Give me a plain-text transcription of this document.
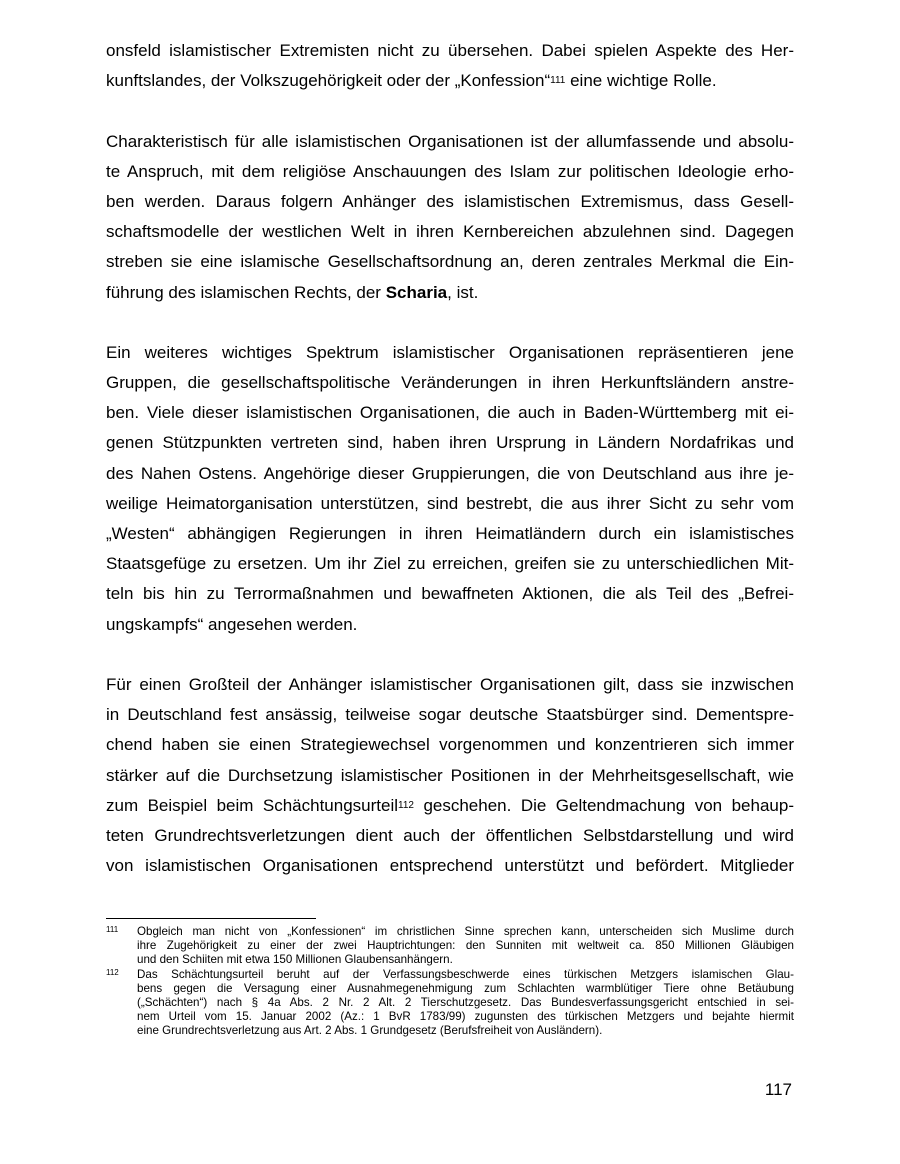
onsfeld islamistischer Extremisten nicht zu übersehen. Dabei spielen Aspekte des Her-
kunftslandes, der Volkszugehörigkeit oder der „Konfession“$^{111}$ eine wichtige Rolle.

Charakteristisch für alle islamistischen Organisationen ist der allumfassende und absolu-
te Anspruch, mit dem religiöse Anschauungen des Islam zur politischen Ideologie erho-
ben werden. Daraus folgern Anhänger des islamistischen Extremismus, dass Gesell-
schaftsmodelle der westlichen Welt in ihren Kernbereichen abzulehnen sind. Dagegen
streben sie eine islamische Gesellschaftsordnung an, deren zentrales Merkmal die Ein-
führung des islamischen Rechts, der Scharia, ist.

Ein weiteres wichtiges Spektrum islamistischer Organisationen repräsentieren jene
Gruppen, die gesellschaftspolitische Veränderungen in ihren Herkunftsländern anstre-
ben. Viele dieser islamistischen Organisationen, die auch in Baden-Württemberg mit ei-
genen Stützpunkten vertreten sind, haben ihren Ursprung in Ländern Nordafrikas und
des Nahen Ostens. Angehörige dieser Gruppierungen, die von Deutschland aus ihre je-
weilige Heimatorganisation unterstützen, sind bestrebt, die aus ihrer Sicht zu sehr vom
„Westen“ abhängigen Regierungen in ihren Heimatländern durch ein islamistisches
Staatsgefüge zu ersetzen. Um ihr Ziel zu erreichen, greifen sie zu unterschiedlichen Mit-
teln bis hin zu Terrormaßnahmen und bewaffneten Aktionen, die als Teil des „Befrei-
ungskampfs“ angesehen werden.

Für einen Großteil der Anhänger islamistischer Organisationen gilt, dass sie inzwischen
in Deutschland fest ansässig, teilweise sogar deutsche Staatsbürger sind. Dementspre-
chend haben sie einen Strategiewechsel vorgenommen und konzentrieren sich immer
stärker auf die Durchsetzung islamistischer Positionen in der Mehrheitsgesellschaft, wie
zum Beispiel beim Schächtungsurteil$^{112}$ geschehen. Die Geltendmachung von behaup-
teten Grundrechtsverletzungen dient auch der öffentlichen Selbstdarstellung und wird
von islamistischen Organisationen entsprechend unterstützt und befördert. Mitglieder

111 Obgleich man nicht von „Konfessionen“ im christlichen Sinne sprechen kann, unterscheiden sich Muslime durch
ihre Zugehörigkeit zu einer der zwei Hauptrichtungen: den Sunniten mit weltweit ca. 850 Millionen Gläubigen
und den Schiiten mit etwa 150 Millionen Glaubensanhängern.
112 Das Schächtungsurteil beruht auf der Verfassungsbeschwerde eines türkischen Metzgers islamischen Glau-
bens gegen die Versagung einer Ausnahmegenehmigung zum Schlachten warmblütiger Tiere ohne Betäubung
(„Schächten“) nach § 4a Abs. 2 Nr. 2 Alt. 2 Tierschutzgesetz. Das Bundesverfassungsgericht entschied in sei-
nem Urteil vom 15. Januar 2002 (Az.: 1 BvR 1783/99) zugunsten des türkischen Metzgers und bejahte hiermit
eine Grundrechtsverletzung aus Art. 2 Abs. 1 Grundgesetz (Berufsfreiheit von Ausländern).
117
